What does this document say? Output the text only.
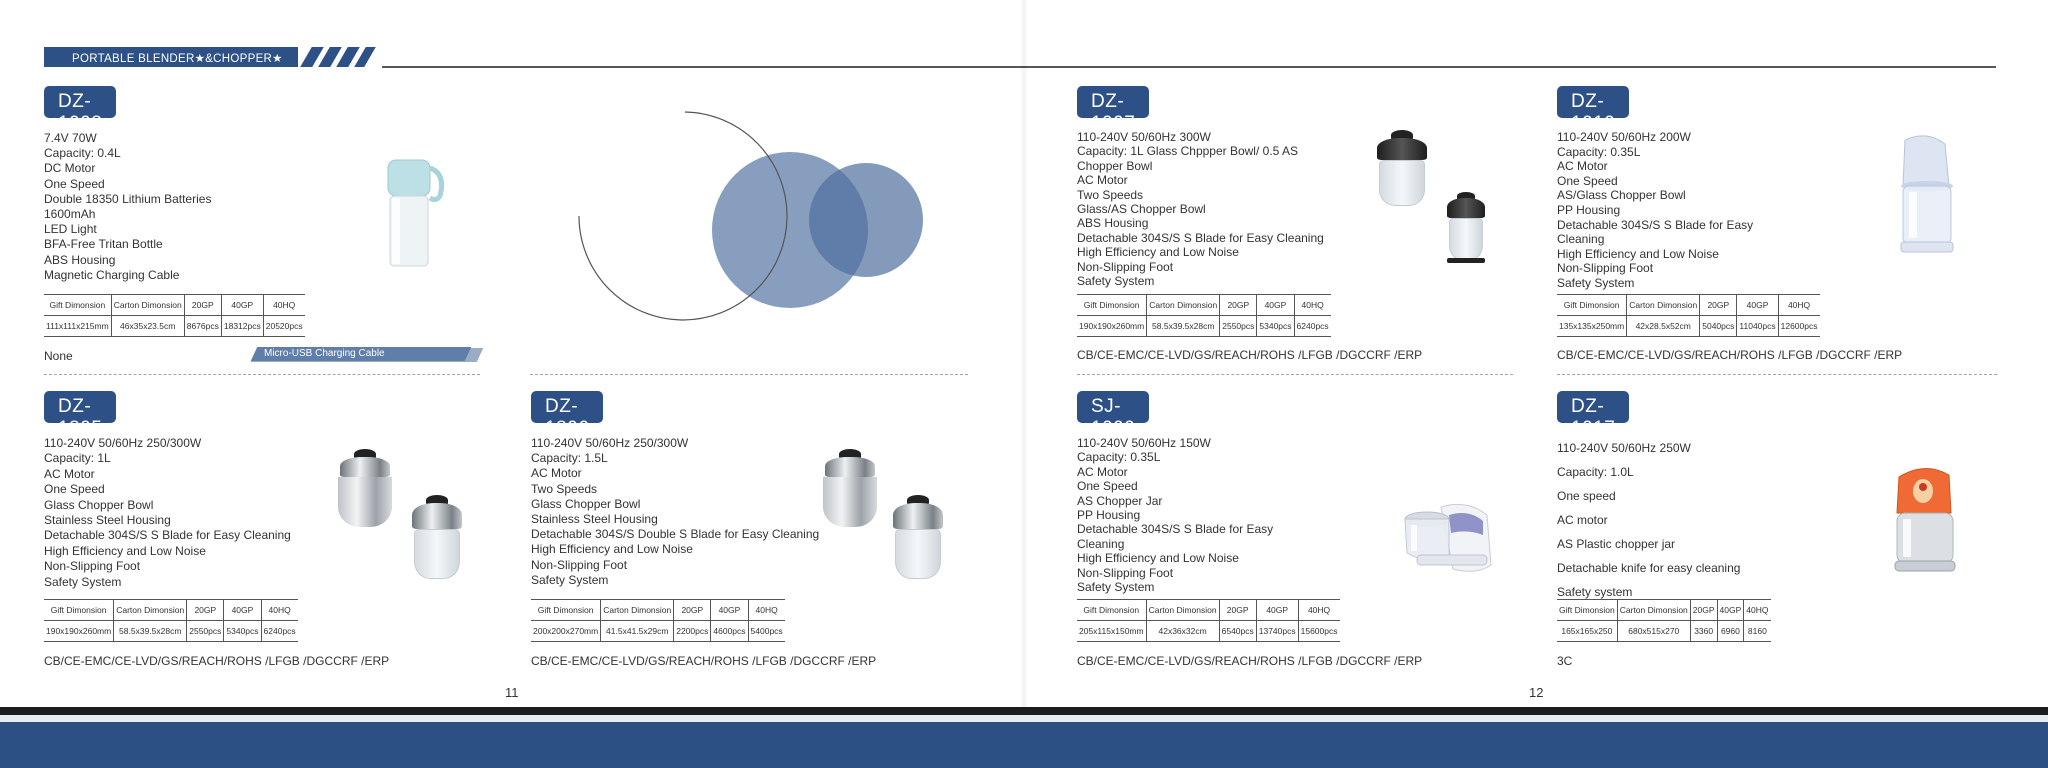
PORTABLE BLENDER★&CHOPPER★
DZ-1908
7.4V 70W
Capacity: 0.4L
DC Motor
One Speed
Double 18350 Lithium Batteries
1600mAh
LED Light
BFA-Free Tritan Bottle
ABS Housing
Magnetic Charging Cable
Gift Dimonsion	Carton Dimonsion	20GP	40GP	40HQ
111x111x215mm	46x35x23.5cm	8676pcs	18312pcs	20520pcs
None	Micro-USB Charging Cable
DZ-1907
110-240V 50/60Hz 300W
Capacity: 1L Glass Chppper Bowl/ 0.5 AS
Chopper Bowl
AC Motor
Two Speeds
Glass/AS Chopper Bowl
ABS Housing
Detachable 304S/S S Blade for Easy Cleaning
High Efficiency and Low Noise
Non-Slipping Foot
Safety System
Gift Dimonsion	Carton Dimonsion	20GP	40GP	40HQ
190x190x260mm	58.5x39.5x28cm	2550pcs	5340pcs	6240pcs
CB/CE-EMC/CE-LVD/GS/REACH/ROHS /LFGB /DGCCRF /ERP
DZ-1019
110-240V 50/60Hz 200W
Capacity: 0.35L
AC Motor
One Speed
AS/Glass Chopper Bowl
PP Housing
Detachable 304S/S S Blade for Easy
Cleaning
High Efficiency and Low Noise
Non-Slipping Foot
Safety System
Gift Dimonsion	Carton Dimonsion	20GP	40GP	40HQ
135x135x250mm	42x28.5x52cm	5040pcs	11040pcs	12600pcs
CB/CE-EMC/CE-LVD/GS/REACH/ROHS /LFGB /DGCCRF /ERP
DZ-1805
110-240V 50/60Hz 250/300W
Capacity: 1L
AC Motor
One Speed
Glass Chopper Bowl
Stainless Steel Housing
Detachable 304S/S S Blade for Easy Cleaning
High Efficiency and Low Noise
Non-Slipping Foot
Safety System
Gift Dimonsion	Carton Dimonsion	20GP	40GP	40HQ
190x190x260mm	58.5x39.5x28cm	2550pcs	5340pcs	6240pcs
CB/CE-EMC/CE-LVD/GS/REACH/ROHS /LFGB /DGCCRF /ERP
DZ-1806
110-240V 50/60Hz 250/300W
Capacity: 1.5L
AC Motor
Two Speeds
Glass Chopper Bowl
Stainless Steel Housing
Detachable 304S/S Double S Blade for Easy Cleaning
High Efficiency and Low Noise
Non-Slipping Foot
Safety System
Gift Dimonsion	Carton Dimonsion	20GP	40GP	40HQ
200x200x270mm	41.5x41.5x29cm	2200pcs	4600pcs	5400pcs
CB/CE-EMC/CE-LVD/GS/REACH/ROHS /LFGB /DGCCRF /ERP
SJ-1009
110-240V 50/60Hz 150W
Capacity: 0.35L
AC Motor
One Speed
AS Chopper Jar
PP Housing
Detachable 304S/S S Blade for Easy
Cleaning
High Efficiency and Low Noise
Non-Slipping Foot
Safety System
Gift Dimonsion	Carton Dimonsion	20GP	40GP	40HQ
205x115x150mm	42x36x32cm	6540pcs	13740pcs	15600pcs
CB/CE-EMC/CE-LVD/GS/REACH/ROHS /LFGB /DGCCRF /ERP
DZ-1017
110-240V 50/60Hz 250W
Capacity: 1.0L
One speed
AC motor
AS Plastic chopper jar
Detachable knife for easy cleaning
Safety system
Gift Dimonsion	Carton Dimonsion	20GP	40GP	40HQ
165x165x250	680x515x270	3360	6960	8160
3C
11	12
